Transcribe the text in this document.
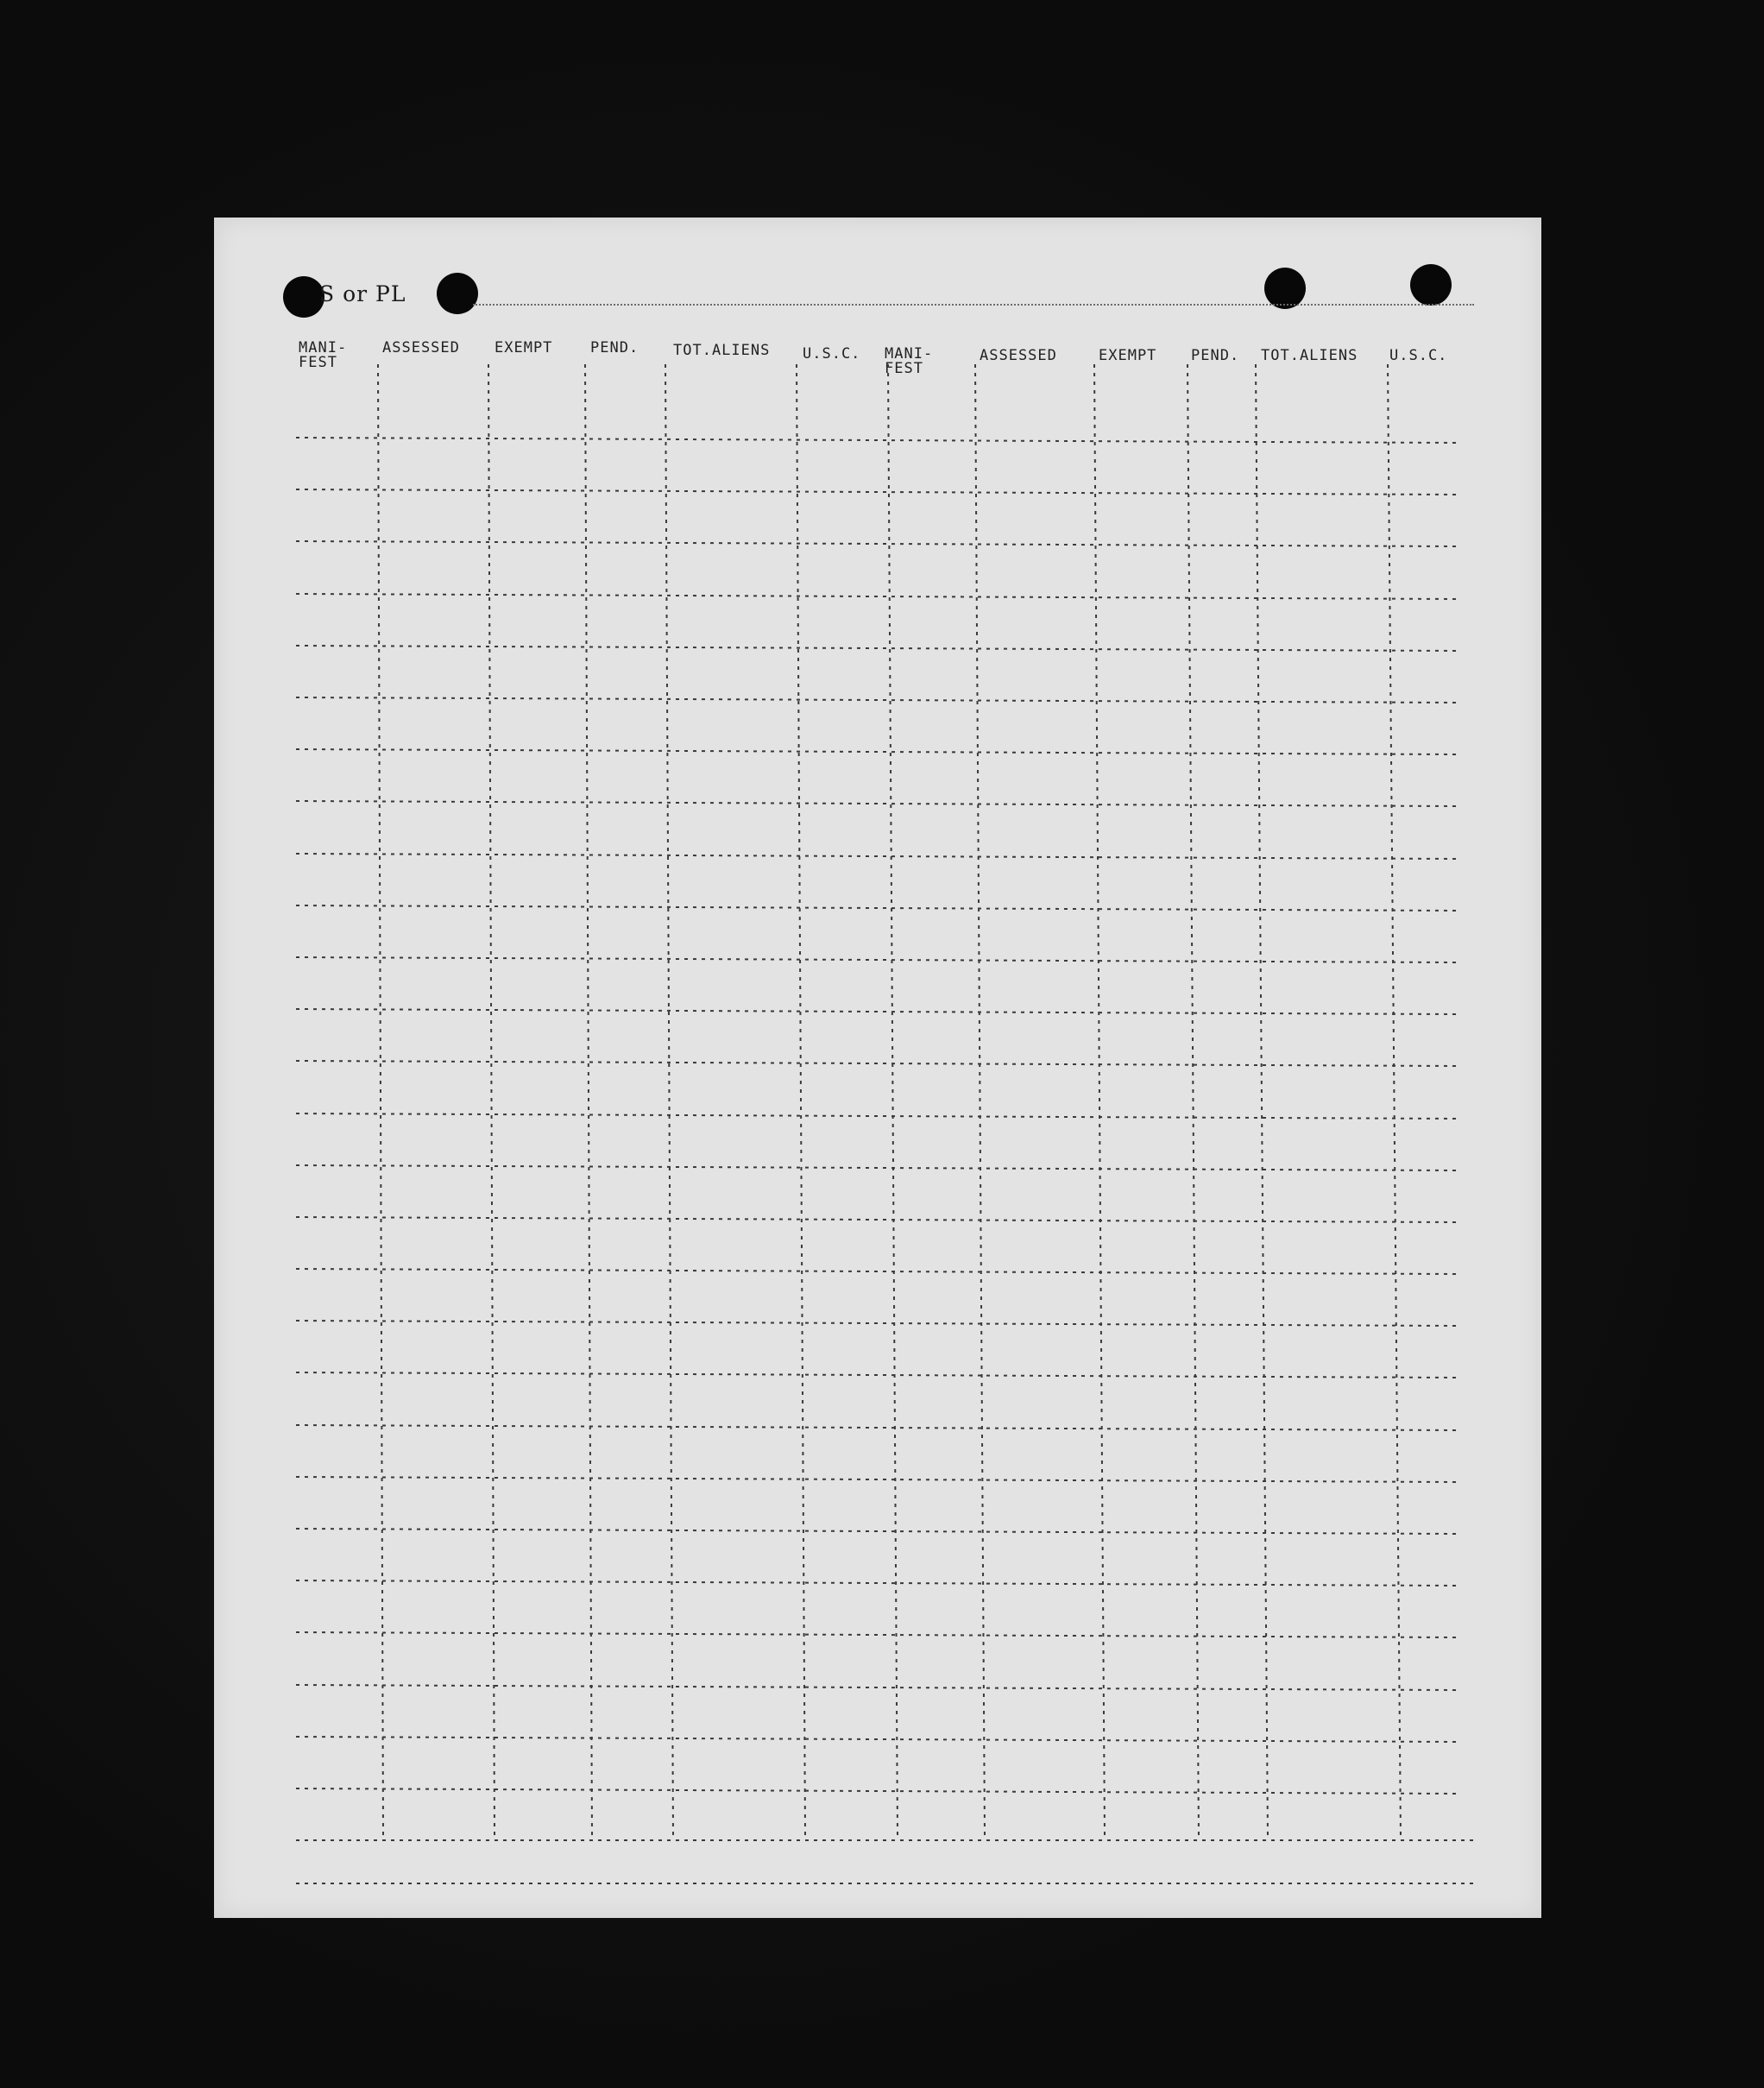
S or PL
MANI-
FEST
ASSESSED EXEMPT	PEND. TOT.ALIENS U.S.C. MANI-
FEST
ASSESSED	EXEMPT PEND. TOT.ALIENS U.S.C.
